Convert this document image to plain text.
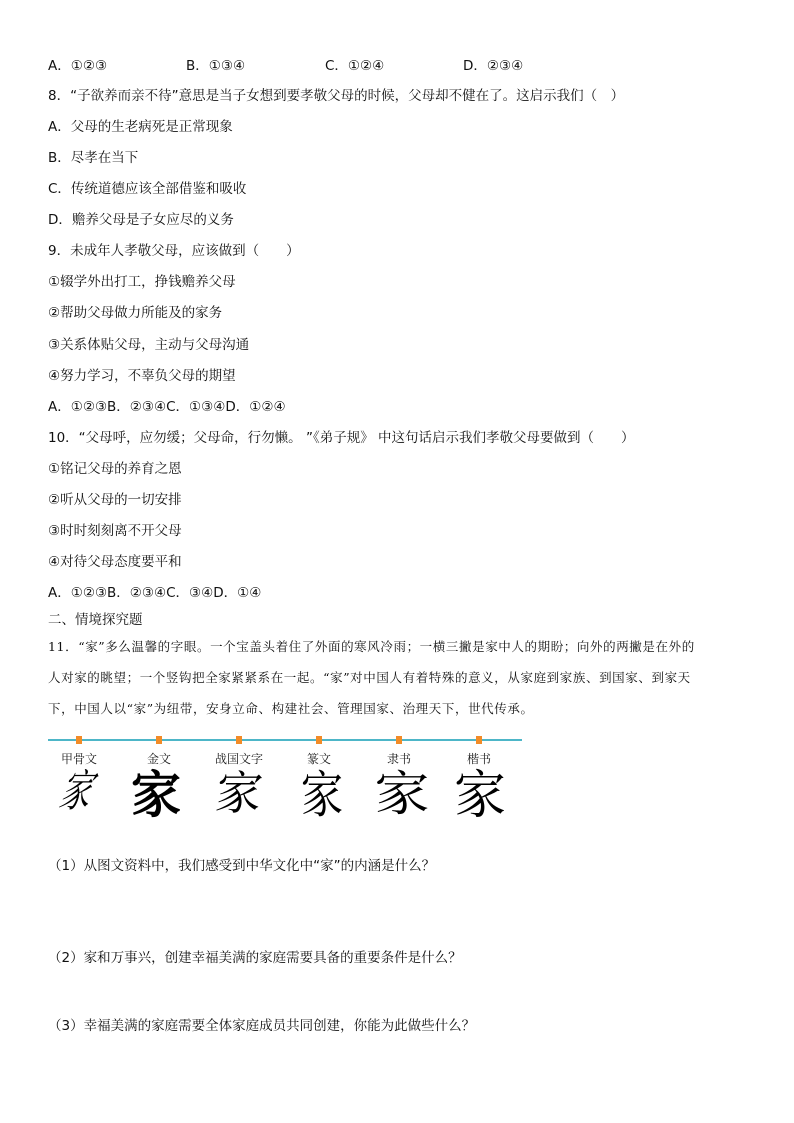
A．①②③	B．①③④	C．①②④	D．②③④
8．“子欲养而亲不待”意思是当子女想到要孝敬父母的时候，父母却不健在了。这启示我们（　）
A．父母的生老病死是正常现象
B．尽孝在当下
C．传统道德应该全部借鉴和吸收
D．赡养父母是子女应尽的义务
9．未成年人孝敬父母，应该做到（　　）
①辍学外出打工，挣钱赡养父母
②帮助父母做力所能及的家务
③关系体贴父母，主动与父母沟通
④努力学习，不辜负父母的期望
A．①②③B．②③④C．①③④D．①②④
10．“父母呼，应勿缓；父母命，行勿懒。 ”《弟子规》 中这句话启示我们孝敬父母要做到（　　）
①铭记父母的养育之恩
②听从父母的一切安排
③时时刻刻离不开父母
④对待父母态度要平和
A．①②③B．②③④C．③④D．①④
二、情境探究题
11．“家”多么温馨的字眼。一个宝盖头着住了外面的寒风冷雨；一横三撇是家中人的期盼；向外的两撇是在外的
人对家的眺望；一个竖钩把全家紧紧系在一起。“家”对中国人有着特殊的意义，从家庭到家族、到国家、到家天
下，中国人以“家”为纽带，安身立命、构建社会、管理国家、治理天下，世代传承。
甲骨文	金文	战国文字	篆文	隶书	楷书
家 家 家 家 家 家
（1）从图文资料中，我们感受到中华文化中“家”的内涵是什么？
（2）家和万事兴，创建幸福美满的家庭需要具备的重要条件是什么？
（3）幸福美满的家庭需要全体家庭成员共同创建，你能为此做些什么？
